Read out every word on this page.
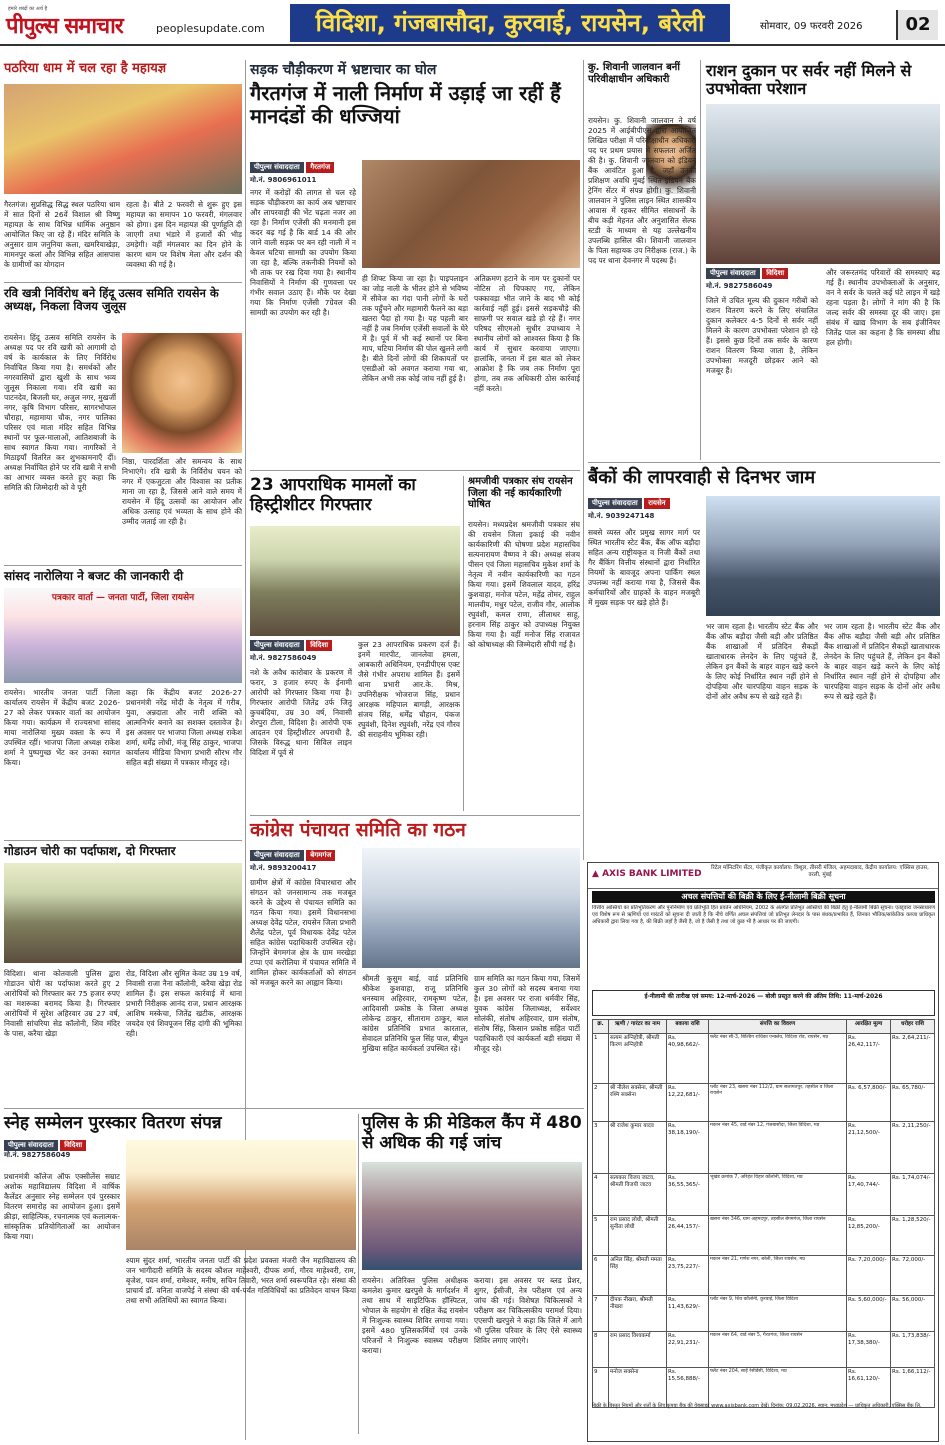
हमारे शब्दों का अर्थ है
पीपुल्स समाचार	peoplesupdate.com	विदिशा, गंजबासौदा, कुरवाई, रायसेन, बरेली	सोमवार, 09 फरवरी 2026	02
पठरिया धाम में चल रहा है महायज्ञ
गैरतगंज। सुप्रसिद्ध सिद्ध स्थल पठरिया धाम में सात दिनों से 26वें विशाल श्री विष्णु महायज्ञ के साथ विभिन्न धार्मिक अनुष्ठान आयोजित किए जा रहे हैं। मंदिर समिति के अनुसार ग्राम जनुनिया कला, खमरियाखेड़ा, मामनपुर कलां और विभिन्न सहित आसपास के ग्रामीणों का योगदान
रहता है। बीते 2 फरवरी से शुरू हुए इस महायज्ञ का समापन 10 फरवरी, मंगलवार को होगा। इस दिन महायज्ञ की पूर्णाहुति दी जाएगी तथा भंडारे में हजारों की भीड़ उमड़ेगी। वहीं मंगलवार का दिन होने के कारण धाम पर विशेष मेला और दर्शन की व्यवस्था की गई है।
रवि खत्री निर्विरोध बने हिंदू उत्सव समिति रायसेन के अध्यक्ष, निकला विजय जुलूस
रायसेन। हिंदू उत्सव समिति रायसेन के अध्यक्ष पद पर रवि खत्री को आगामी दो वर्ष के कार्यकाल के लिए निर्विरोध निर्वाचित किया गया है। समर्थकों और नगरवासियों द्वारा खुशी के साथ भव्य जुलूस निकाला गया। रवि खत्री का पाटनदेव, बिजली घर, अजुल नगर, मुखर्जी नगर, कृषि विभाग परिसर, सागरभोपाल चौराहा, महामाया चौक, नगर पालिका परिसर एवं माता मंदिर सहित विभिन्न स्थानों पर फूल-मालाओं, आतिशबाजी के साथ स्वागत किया गया। नागरिकों ने मिठाइयाँ वितरित कर शुभकामनाएँ दीं। अध्यक्ष निर्वाचित होने पर रवि खत्री ने सभी का आभार व्यक्त करते हुए कहा कि समिति की जिम्मेदारी को वे पूरी
निष्ठा, पारदर्शिता और समन्वय के साथ निभाएंगे। रवि खत्री के निर्विरोध चयन को नगर में एकजुटता और विश्वास का प्रतीक माना जा रहा है, जिससे आने वाले समय में रायसेन में हिंदू उत्सवों का आयोजन और अधिक उत्साह एवं भव्यता के साथ होने की उम्मीद जताई जा रही है।
सांसद नारोलिया ने बजट की जानकारी दी
पत्रकार वार्ता — जनता पार्टी, जिला रायसेन
रायसेन। भारतीय जनता पार्टी जिला कार्यालय रायसेन में केंद्रीय बजट 2026-27 को लेकर पत्रकार वार्ता का आयोजन किया गया। कार्यक्रम में राज्यसभा सांसद माया नारोलिया मुख्य वक्ता के रूप में उपस्थित रहीं। भाजपा जिला अध्यक्ष राकेश शर्मा ने पुष्पगुच्छ भेंट कर उनका स्वागत किया।
कहा कि केंद्रीय बजट 2026-27 प्रधानमंत्री नरेंद्र मोदी के नेतृत्व में गरीब, युवा, अन्नदाता और नारी शक्ति को आत्मनिर्भर बनाने का सशक्त दस्तावेज है। इस अवसर पर भाजपा जिला अध्यक्ष राकेश शर्मा, धर्मेंद्र लोधी, मंजू सिंह ठाकुर, भाजपा कार्यालय मीडिया विभाग प्रभारी सौरभ गौर सहित बड़ी संख्या में पत्रकार मौजूद रहे।
गोडाउन चोरी का पर्दाफाश, दो गिरफ्तार
विदिशा। थाना कोतवाली पुलिस द्वारा गोडाउन चोरी का पर्दाफाश करते हुए 2 आरोपियों को गिरफ्तार कर 75 हजार रुपए का मशरूका बरामद किया है। गिरफ्तार आरोपियों में सुरेश अहिरवार उम्र 27 वर्ष, निवासी सांचरिया सेड कॉलोनी, शिव मंदिर के पास, करैया खेड़ा
रोड, विदिशा और सुमित केवट उम्र 19 वर्ष, निवासी राजा नैना कॉलोनी, करैया खेड़ा रोड शामिल हैं। इस सफल कार्रवाई में थाना प्रभारी निरीक्षक आनंद राज, प्रधान आरक्षक आशिष मस्केचा, जितेंद्र खटीक, आरक्षक जयदेव एवं शिवपूजन सिंह दांगी की भूमिका रही।
स्नेह सम्मेलन पुरस्कार वितरण संपन्न
पीपुल्स संवाददाता विदिशा
मो.नं. 9827586049
प्रधानमंत्री कॉलेज ऑफ एक्सीलेंस सम्राट अशोक महाविद्यालय विदिशा में वार्षिक कैलेंडर अनुसार स्नेह सम्मेलन एवं पुरस्कार वितरण समारोह का आयोजन हुआ। इसमें क्रीड़ा, साहित्यिक, रचनात्मक एवं कलात्मक-सांस्कृतिक प्रतियोगिताओं का आयोजन किया गया।
श्याम सुंदर शर्मा, भारतीय जनता पार्टी की प्रदेश प्रवक्ता मंजरी जैन महाविद्यालय की जन भागीदारी समिति के सदस्य कौशल माहेश्वरी, दीपक शर्मा, गौरव माहेश्वरी, राम, बृजेश, पवन शर्मा, रामेश्वर, मनीष, सचिन तिवारी, भरत शर्मा स्वरूपवित रहे। संस्था की प्राचार्य डॉ. वनिता वाजपेई ने संस्था की वर्ष-पर्यंत गतिविधियों का प्रतिवेदन वाचन किया तथा सभी अतिथियों का स्वागत किया।
सड़क चौड़ीकरण में भ्रष्टाचार का घोल
गैरतगंज में नाली निर्माण में उड़ाई जा रहीं हैं मानदंडों की धज्जियां
पीपुल्स संवाददाता गैरतगंज
मो.नं. 9806961011
नगर में करोड़ों की लागत से चल रहे सड़क चौड़ीकरण का कार्य अब भ्रष्टाचार और लापरवाही की भेंट चढ़ता नजर आ रहा है। निर्माण एजेंसी की मनमानी इस कदर बढ़ गई है कि बार्ड 14 की ओर जाने वाली सड़क पर बन रही नाली में न केवल घटिया सामग्री का उपयोग किया जा रहा है, बल्कि तकनीकी नियमों को भी ताक पर रख दिया गया है। स्थानीय निवासियों ने निर्माण की गुणवत्ता पर गंभीर सवाल उठाए हैं। मौके पर देखा गया कि निर्माण एजेंसी 7ग्रेवल की सामग्री का उपयोग कर रही है।
ही शिफ्ट किया जा रहा है। पाइपलाइन का जोड़ नाली के भीतर होने से भविष्य में सीवेज का गंदा पानी लोगों के घरों तक पहुँचने और महामारी फैलने का बड़ा खतरा पैदा हो गया है। यह पहली बार नहीं है जब निर्माण एजेंसी सवालों के घेरे में है। पूर्व में भी कई स्थानों पर बिना माप, घटिया निर्माण की पोल खुलने लगी है। बीते दिनों लोगों की शिकायतों पर एसडीओ को अवगत कराया गया था, लेकिन अभी तक कोई जांच नहीं हुई है।
अतिक्रमण हटाने के नाम पर दुकानों पर नोटिस तो चिपकाए गए, लेकिन पक्कावड़ा भीत जाने के बाद भी कोई कार्रवाई नहीं हुई। इससे सड़कचौड़े की साफ़गी पर सवाल खड़े हो रहे हैं। नगर परिषद सीएमओ सुधीर उपाध्याय ने स्थानीय लोगों को आश्वस्त किया है कि कार्य में सुधार करवाया जाएगा। हालांकि, जनता में इस बात को लेकर आक्रोश है कि जब तक निर्माण पूरा होगा, तब तक अधिकारी ठोस कार्रवाई नहीं करते।
23 आपराधिक मामलों का हिस्ट्रीशीटर गिरफ्तार
पीपुल्स संवाददाता विदिशा
मो.नं. 9827586049
नशे के अवैध कारोबार के प्रकरण में फरार, 3 हजार रुपए के ईनामी आरोपी को गिरफ्तार किया गया है। गिरफ्तार आरोपी जितेंद्र उर्फ जितू कुचबंदिया, उम्र 30 वर्ष, निवासी शेरपुरा टीला, विदिशा है। आरोपी एक आदतन एवं हिस्ट्रीशीटर अपराधी है, जिसके विरुद्ध थाना सिविल लाइन विदिशा में पूर्व से
कुल 23 आपराधिक प्रकरण दर्ज हैं। इनमें मारपीट, जानलेवा हमला, आबकारी अधिनियम, एनडीपीएस एक्ट जैसे गंभीर अपराध शामिल हैं। इसमें थाना प्रभारी आर.के. मिश्र, उपनिरीक्षक भोजराज सिंह, प्रधान आरक्षक महिपाल बागड़ी, आरक्षक संजय सिंह, धर्मेंद्र चौहान, पंकज रघुवंशी, दिनेश रघुवंशी, नरेंद्र एवं गौरव की सराहनीय भूमिका रही।
श्रमजीवी पत्रकार संघ रायसेन जिला की नई कार्यकारिणी घोषित
रायसेन। मध्यप्रदेश श्रमजीवी पत्रकार संघ की रायसेन जिला इकाई की नवीन कार्यकारिणी की घोषणा प्रदेश महासचिव सत्यनारायण वैष्णव ने की। अध्यक्ष संजय पीसन एवं जिला महासचिव मुकेश शर्मा के नेतृत्व में नवीन कार्यकारिणी का गठन किया गया। इसमें शिवलाल यादव, हरिंद्र कुशवाहा, मनोज पटेल, महेंद्र तोमर, राहुल मालवीय, मधुर पटेल, राजीव गौर, आलोक रघुवंशी, कमल राणा, लीलाधर साहू, हरनाम सिंह ठाकुर को उपाध्यक्ष नियुक्त किया गया है। वहीं मनोज सिंह राजावत को कोषाध्यक्ष की जिम्मेदारी सौंपी गई है।
कांग्रेस पंचायत समिति का गठन
पीपुल्स संवाददाता बेगमगंज
मो.नं. 9893200417
ग्रामीण क्षेत्रों में कांग्रेस विचारधारा और संगठन को जनसामान्य तक मजबूत करने के उद्देश्य से पंचायत समिति का गठन किया गया। इसमें विधानसभा अध्यक्ष देवेंद्र पटेल, रायसेन जिला प्रभारी शैलेंद्र पटेल, पूर्व विधायक देवेंद्र पटेल सहित कांग्रेस पदाधिकारी उपस्थित रहे। जिन्होंने बेगमगंज क्षेत्र के ग्राम मरखेड़ा टप्पा एवं करोलिया में पंचायत समिति में शामिल होकर कार्यकर्ताओं को संगठन को मजबूत करने का आह्वान किया।	श्रीमती कुसुम बाई, वार्ड प्रतिनिधि श्रीकेश कुशवाहा, राजू प्रतिनिधि धनस्याम अहिरवार, रामकृष्ण पटेल, आदिवासी प्रकोष्ठ के जिला अध्यक्ष लोकेन्द्र ठाकुर, सीताराम ठाकुर, बाल कांग्रेस प्रतिनिधि प्रभात कारताल, सेवादल प्रतिनिधि फूल सिंह पाल, बीपुल मुखिया सहित कार्यकर्ता उपस्थित रहे।
ग्राम समिति का गठन किया गया, जिसमें कुल 30 लोगों को सदस्य बनाया गया है। इस अवसर पर राजा धर्मवीर सिंह, युवक कांग्रेस जिलाध्यक्ष, सर्वेश्वर सोलंकी, संतोष अहिरवार, ग्राम संतोष, संतोष सिंह, किसान प्रकोष्ठ सहित पार्टी पदाधिकारी एवं कार्यकर्ता बड़ी संख्या में मौजूद रहे।
पुलिस के फ्री मेडिकल कैंप में 480 से अधिक की गई जांच
रायसेन। अतिरिक्त पुलिस अधीक्षक कमलेश कुमार खरपुसे के मार्गदर्शन में तथा साथ में साइटिफिक हॉस्पिटल, भोपाल के सहयोग से रक्षित केंद्र रायसेन में निःशुल्क स्वास्थ्य शिविर लगाया गया। इसमें 480 पुलिसकर्मियों एवं उनके परिजनों ने निःशुल्क स्वास्थ्य परीक्षण कराया।
कराया। इस अवसर पर ब्लड प्रेशर, शुगर, ईसीजी, नेत्र परीक्षण एवं अन्य जांच की गई। विशेषज्ञ चिकित्सकों ने परीक्षण कर चिकित्सकीय परामर्श दिया। एएसपी खरपुसे ने कहा कि जिले में आगे भी पुलिस परिवार के लिए ऐसे स्वास्थ्य शिविर लगाए जाएंगे।
कु. शिवानी जालवान बनीं परिवीक्षाधीन अधिकारी
रायसेन। कु. शिवानी जालवान ने वर्ष 2025 में आईबीपीएस द्वारा आयोजित लिखित परीक्षा में परिवीक्षाधीन अधिकारी पद पर प्रथम प्रयास में सफलता अर्जित की है। कु. शिवानी जालवान को इंडियन बैंक आवंटित हुआ है, जहाँ उनकी प्रशिक्षण अवधि मुंबई स्थित इंडियन बैंक ट्रेनिंग सेंटर में संपन्न होगी। कु. शिवानी जालवान ने पुलिस लाइन स्थित शासकीय आवास में रहकर सीमित संसाधनों के बीच कड़ी मेहनत और अनुशासित सेल्फ स्टडी के माध्यम से यह उल्लेखनीय उपलब्धि हासिल की। शिवानी जालवान के पिता सहायक उप निरीक्षक (राज.) के पद पर थाना देवनगर में पदस्थ हैं।
राशन दुकान पर सर्वर नहीं मिलने से उपभोक्ता परेशान
पीपुल्स संवाददाता विदिशा
मो.नं. 9827586049
जिले में उचित मूल्य की दुकान गरीबों को राशन वितरण करने के लिए संचालित दुकान कलेक्टर 4-5 दिनों से सर्वर नहीं मिलने के कारण उपभोक्ता परेशान हो रहे हैं। इससे कुछ दिनों तक सर्वर के कारण राशन वितरण किया जाता है, लेकिन उपभोक्ता मजदूरी छोड़कर आने को मजबूर हैं।
और जरूरतमंद परिवारों की समस्याएं बढ़ गई हैं। स्थानीय उपभोक्ताओं के अनुसार, वन ने सर्वर के चलते कई घंटे लाइन में खड़े रहना पड़ता है। लोगों ने मांग की है कि जल्द सर्वर की समस्या दूर की जाए। इस संबंध में खाद्य विभाग के सब इंजीनियर जितेंद्र पाल का कहना है कि समस्या शीघ्र हल होगी।
बैंकों की लापरवाही से दिनभर जाम
पीपुल्स संवाददाता रायसेन
मो.नं. 9039247148
सबसे व्यस्त और प्रमुख सागर मार्ग पर स्थित भारतीय स्टेट बैंक, बैंक ऑफ बड़ौदा सहित अन्य राष्ट्रीयकृत व निजी बैंकों तथा गैर बैंकिंग वित्तीय संस्थानों द्वारा निर्धारित नियमों के बावजूद अपना पार्किंग स्थल उपलब्ध नहीं कराया गया है, जिससे बैंक कर्मचारियों और ग्राहकों के वाहन मजबूरी में मुख्य सड़क पर खड़े होते हैं।
भर जाम रहता है। भारतीय स्टेट बैंक और बैंक ऑफ बड़ौदा जैसी बड़ी और प्रतिष्ठित बैंक शाखाओं में प्रतिदिन सैकड़ों खाताधारक लेनदेन के लिए पहुंचते हैं, लेकिन इन बैंकों के बाहर वाहन खड़े करने के लिए कोई निर्धारित स्थान नहीं होने से दोपहिया और चारपहिया वाहन सड़क के दोनों ओर अवैध रूप से खड़े रहते हैं।
भर जाम रहता है। भारतीय स्टेट बैंक और बैंक ऑफ बड़ौदा जैसी बड़ी और प्रतिष्ठित बैंक शाखाओं में प्रतिदिन सैकड़ों खाताधारक लेनदेन के लिए पहुंचते हैं, लेकिन इन बैंकों के बाहर वाहन खड़े करने के लिए कोई निर्धारित स्थान नहीं होने से दोपहिया और चारपहिया वाहन सड़क के दोनों ओर अवैध रूप से खड़े रहते हैं।
▲ AXIS BANK LIMITED
रिटेल मॉनिटरिंग सेंटर, पंजीकृत कार्यालय: त्रिशूल, तीसरी मंजिल, अहमदाबाद, केंद्रीय कार्यालय: एक्सिस हाउस, वरली, मुंबई
अचल संपत्तियों की बिक्री के लिए ई-नीलामी बिक्री सूचना
वित्तीय आस्तियों का प्रतिभूतिकरण और पुनर्निर्माण एवं प्रतिभूति हित प्रवर्तन अधिनियम, 2002 के अंतर्गत प्रतिभूत आस्तियों की बिक्री हेतु ई-नीलामी बिक्री सूचना। एतद्द्वारा जनसाधारण एवं विशेष रूप से ऋणियों एवं गारंटरों को सूचना दी जाती है कि नीचे वर्णित अचल संपत्तियां जो प्रतिभूत लेनदार के पास बंधक/प्रभारित हैं, जिनका भौतिक/सांकेतिक कब्जा प्राधिकृत अधिकारी द्वारा लिया गया है, की बिक्री जहाँ है जैसी है, जो है जैसी है तथा जो कुछ भी है आधार पर की जाएगी।
ई-नीलामी की तारीख एवं समय: 12-मार्च-2026 — बोली प्रस्तुत करने की अंतिम तिथि: 11-मार्च-2026
क्र.	ऋणी / गारंटर का नाम	बकाया राशि	संपत्ति का विवरण	आरक्षित मूल्य	धरोहर राशि
1	सत्यम अग्निहोत्री, श्रीमती किरण अग्निहोत्री	Rs. 40,98,662/-	फ्लैट नंबर सी-3, बिल्डिंग राधिका एन्क्लेव, विदिशा रोड, रायसेन, मप्र	Rs. 26,42,117/-	Rs. 2,64,211/-
2	श्री नीलेश सक्सेना, श्रीमती रश्मि सक्सेना	Rs. 12,22,681/-	प्लॉट नंबर 23, खसरा नंबर 112/2, ग्राम सलामतपुर, तहसील व जिला रायसेन	Rs. 6,57,800/-	Rs. 65,780/-
3	श्री राजेश कुमार यादव	Rs. 38,18,190/-	मकान नंबर 45, वार्ड नंबर 12, गंजबासौदा, जिला विदिशा, मप्र	Rs. 21,12,500/-	Rs. 2,11,250/-
4	सत्यकार विजय जाटव, श्रीमती विजयी जाटव	Rs. 36,55,365/-	भूखंड क्रमांक 7, अरिहंत विहार कॉलोनी, विदिशा, मप्र	Rs. 17,40,744/-	Rs. 1,74,074/-
5	राम प्रसाद लोधी, श्रीमती सुनीता लोधी	Rs. 26,44,157/-	खसरा नंबर 346, ग्राम अहमदपुर, तहसील बेगमगंज, जिला रायसेन	Rs. 12,85,200/-	Rs. 1,28,520/-
6	अनिल सिंह, श्रीमती ममता सिंह	Rs. 23,75,227/-	मकान नंबर 21, गणेश नगर, बरेली, जिला रायसेन, मप्र	Rs. 7,20,000/-	Rs. 72,000/-
7	दीपक नीखरा, श्रीमती नीखरा	Rs. 11,43,629/-	प्लॉट नंबर 9, शिव कॉलोनी, कुरवाई, जिला विदिशा	Rs. 5,60,000/-	Rs. 56,000/-
8	राम प्रसाद विश्वकर्मा	Rs. 22,91,231/-	मकान नंबर 64, वार्ड नंबर 5, गैरतगंज, जिला रायसेन	Rs. 17,38,380/-	Rs. 1,73,838/-
9	मनोज सक्सेना	Rs. 15,56,888/-	फ्लैट नंबर 204, साईं रेसीडेंसी, विदिशा, मप्र	Rs. 16,61,120/-	Rs. 1,66,112/-
बिक्री के विस्तृत नियमों और शर्तों के लिए कृपया बैंक की वेबसाइट www.axisbank.com देखें। दिनांक: 09.02.2026, स्थान: मध्यप्रदेश — प्राधिकृत अधिकारी, एक्सिस बैंक लि.
